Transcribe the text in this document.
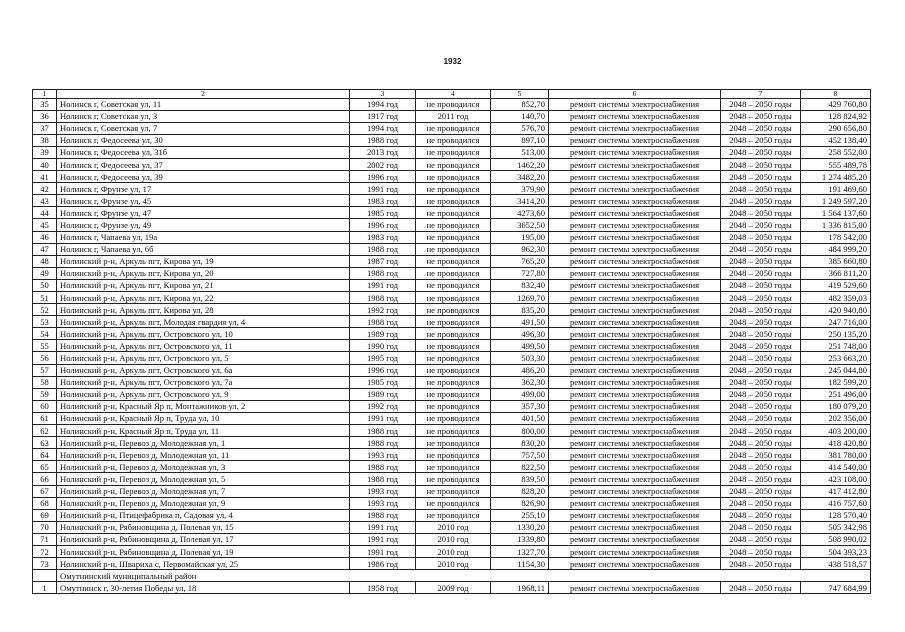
1932
1	2	3	4	5	6	7	8
35	Нолинск г, Советская ул, 11	1994 год	не проводился	852,70	ремонт системы электроснабжения	2048 – 2050 годы	429 760,80
36	Нолинск г, Советская ул, 3	1917 год	2011 год	140,70	ремонт системы электроснабжения	2048 – 2050 годы	128 824,92
37	Нолинск г, Советская ул, 7	1994 год	не проводился	576,70	ремонт системы электроснабжения	2048 – 2050 годы	290 656,80
38	Нолинск г, Федосеева ул, 30	1988 год	не проводился	897,10	ремонт системы электроснабжения	2048 – 2050 годы	452 138,40
39	Нолинск г, Федосеева ул, 31б	2013 год	не проводился	513,00	ремонт системы электроснабжения	2048 – 2050 годы	258 552,00
40	Нолинск г, Федосеева ул, 37	2002 год	не проводился	1462,20	ремонт системы электроснабжения	2048 – 2050 годы	555 489,78
41	Нолинск г, Федосеева ул, 39	1996 год	не проводился	3482,20	ремонт системы электроснабжения	2048 – 2050 годы	1 274 485,20
42	Нолинск г, Фрунзе ул, 17	1991 год	не проводился	379,90	ремонт системы электроснабжения	2048 – 2050 годы	191 469,60
43	Нолинск г, Фрунзе ул, 45	1983 год	не проводился	3414,20	ремонт системы электроснабжения	2048 – 2050 годы	1 249 597,20
44	Нолинск г, Фрунзе ул, 47	1985 год	не проводился	4273,60	ремонт системы электроснабжения	2048 – 2050 годы	1 564 137,60
45	Нолинск г, Фрунзе ул, 49	1996 год	не проводился	3652,50	ремонт системы электроснабжения	2048 – 2050 годы	1 336 815,00
46	Нолинск г, Чапаева ул, 19а	1983 год	не проводился	195,00	ремонт системы электроснабжения	2048 – 2050 годы	178 542,00
47	Нолинск г, Чапаева ул, 6б	1988 год	не проводился	962,30	ремонт системы электроснабжения	2048 – 2050 годы	484 999,20
48	Нолинский р-н, Аркуль пгт, Кирова ул, 19	1987 год	не проводился	765,20	ремонт системы электроснабжения	2048 – 2050 годы	385 660,80
49	Нолинский р-н, Аркуль пгт, Кирова ул, 20	1988 год	не проводился	727,80	ремонт системы электроснабжения	2048 – 2050 годы	366 811,20
50	Нолинский р-н, Аркуль пгт, Кирова ул, 21	1991 год	не проводился	832,40	ремонт системы электроснабжения	2048 – 2050 годы	419 529,60
51	Нолинский р-н, Аркуль пгт, Кирова ул, 22	1988 год	не проводился	1269,70	ремонт системы электроснабжения	2048 – 2050 годы	482 359,03
52	Нолинский р-н, Аркуль пгт, Кирова ул, 28	1992 год	не проводился	835,20	ремонт системы электроснабжения	2048 – 2050 годы	420 940,80
53	Нолинский р-н, Аркуль пгт, Молодая гвардия ул, 4	1988 год	не проводился	491,50	ремонт системы электроснабжения	2048 – 2050 годы	247 716,00
54	Нолинский р-н, Аркуль пгт, Островского ул, 10	1989 год	не проводился	496,30	ремонт системы электроснабжения	2048 – 2050 годы	250 135,20
55	Нолинский р-н, Аркуль пгт, Островского ул, 11	1990 год	не проводился	499,50	ремонт системы электроснабжения	2048 – 2050 годы	251 748,00
56	Нолинский р-н, Аркуль пгт, Островского ул, 5	1995 год	не проводился	503,30	ремонт системы электроснабжения	2048 – 2050 годы	253 663,20
57	Нолинский р-н, Аркуль пгт, Островского ул, 6а	1996 год	не проводился	486,20	ремонт системы электроснабжения	2048 – 2050 годы	245 044,80
58	Нолинский р-н, Аркуль пгт, Островского ул, 7а	1985 год	не проводился	362,30	ремонт системы электроснабжения	2048 – 2050 годы	182 599,20
59	Нолинский р-н, Аркуль пгт, Островского ул, 9	1989 год	не проводился	499,00	ремонт системы электроснабжения	2048 – 2050 годы	251 496,00
60	Нолинский р-н, Красный Яр п, Монтажников ул, 2	1992 год	не проводился	357,30	ремонт системы электроснабжения	2048 – 2050 годы	180 079,20
61	Нолинский р-н, Красный Яр п, Труда ул, 10	1991 год	не проводился	401,50	ремонт системы электроснабжения	2048 – 2050 годы	202 356,00
62	Нолинский р-н, Красный Яр п, Труда ул, 11	1988 год	не проводился	800,00	ремонт системы электроснабжения	2048 – 2050 годы	403 200,00
63	Нолинский р-н, Перевоз д, Молодежная ул, 1	1988 год	не проводился	830,20	ремонт системы электроснабжения	2048 – 2050 годы	418 420,80
64	Нолинский р-н, Перевоз д, Молодежная ул, 11	1993 год	не проводился	757,50	ремонт системы электроснабжения	2048 – 2050 годы	381 780,00
65	Нолинский р-н, Перевоз д, Молодежная ул, 3	1988 год	не проводился	822,50	ремонт системы электроснабжения	2048 – 2050 годы	414 540,00
66	Нолинский р-н, Перевоз д, Молодежная ул, 5	1988 год	не проводился	839,50	ремонт системы электроснабжения	2048 – 2050 годы	423 108,00
67	Нолинский р-н, Перевоз д, Молодежная ул, 7	1993 год	не проводился	828,20	ремонт системы электроснабжения	2048 – 2050 годы	417 412,80
68	Нолинский р-н, Перевоз д, Молодежная ул, 9	1993 год	не проводился	826,90	ремонт системы электроснабжения	2048 – 2050 годы	416 757,60
69	Нолинский р-н, Птицефабрика п, Садовая ул, 4	1988 год	не проводился	255,10	ремонт системы электроснабжения	2048 – 2050 годы	128 570,40
70	Нолинский р-н, Рябиновщина д, Полевая ул, 15	1991 год	2010 год	1330,20	ремонт системы электроснабжения	2048 – 2050 годы	505 342,98
71	Нолинский р-н, Рябиновщина д, Полевая ул, 17	1991 год	2010 год	1339,80	ремонт системы электроснабжения	2048 – 2050 годы	508 990,02
72	Нолинский р-н, Рябиновщина д, Полевая ул, 19	1991 год	2010 год	1327,70	ремонт системы электроснабжения	2048 – 2050 годы	504 393,23
73	Нолинский р-н, Шварихa с, Первомайская ул, 25	1986 год	2010 год	1154,30	ремонт системы электроснабжения	2048 – 2050 годы	438 518,57
	Омутнинский муниципальный район						
1	Омутнинск г, 30-летия Победы ул, 18	1958 год	2009 год	1968,11	ремонт системы электроснабжения	2048 – 2050 годы	747 684,99
